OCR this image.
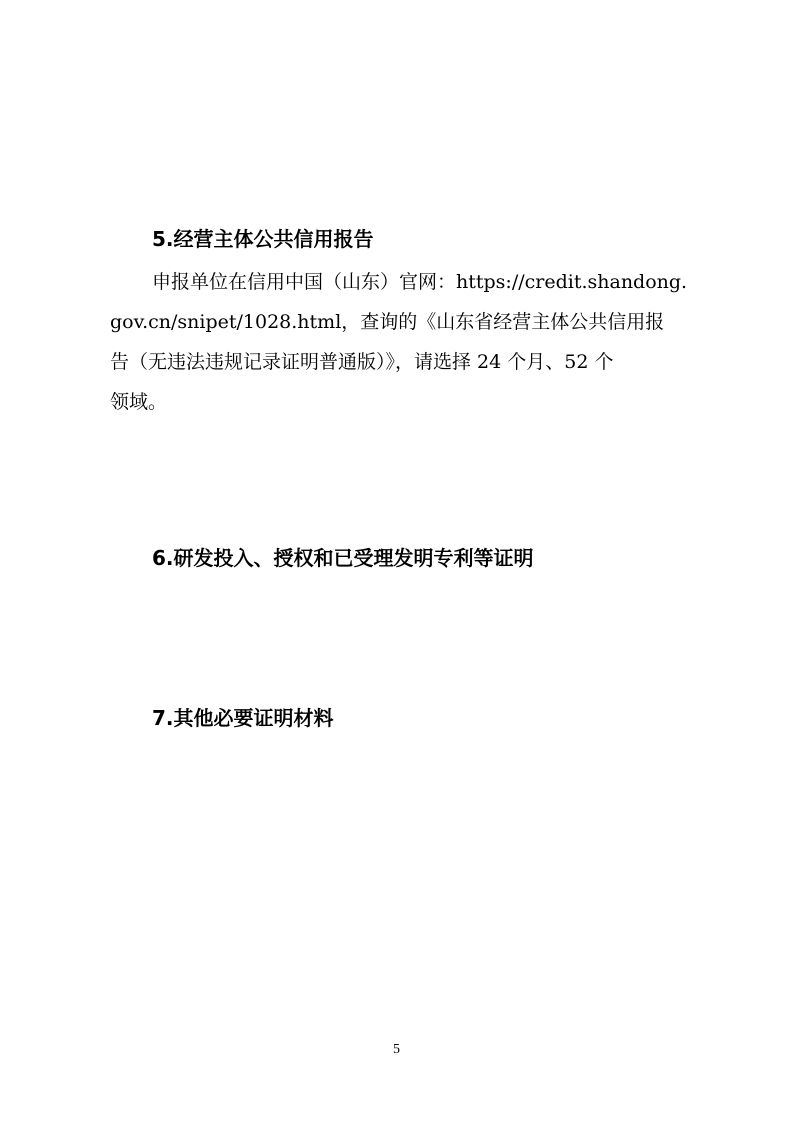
5.经营主体公共信用报告
申报单位在信用中国（山东）官网：https://credit.shandong.
gov.cn/snipet/1028.html，查询的《山东省经营主体公共信用报
告（无违法违规记录证明普通版）》，请选择 24 个月、52 个
领域。
6.研发投入、授权和已受理发明专利等证明
7.其他必要证明材料
5
